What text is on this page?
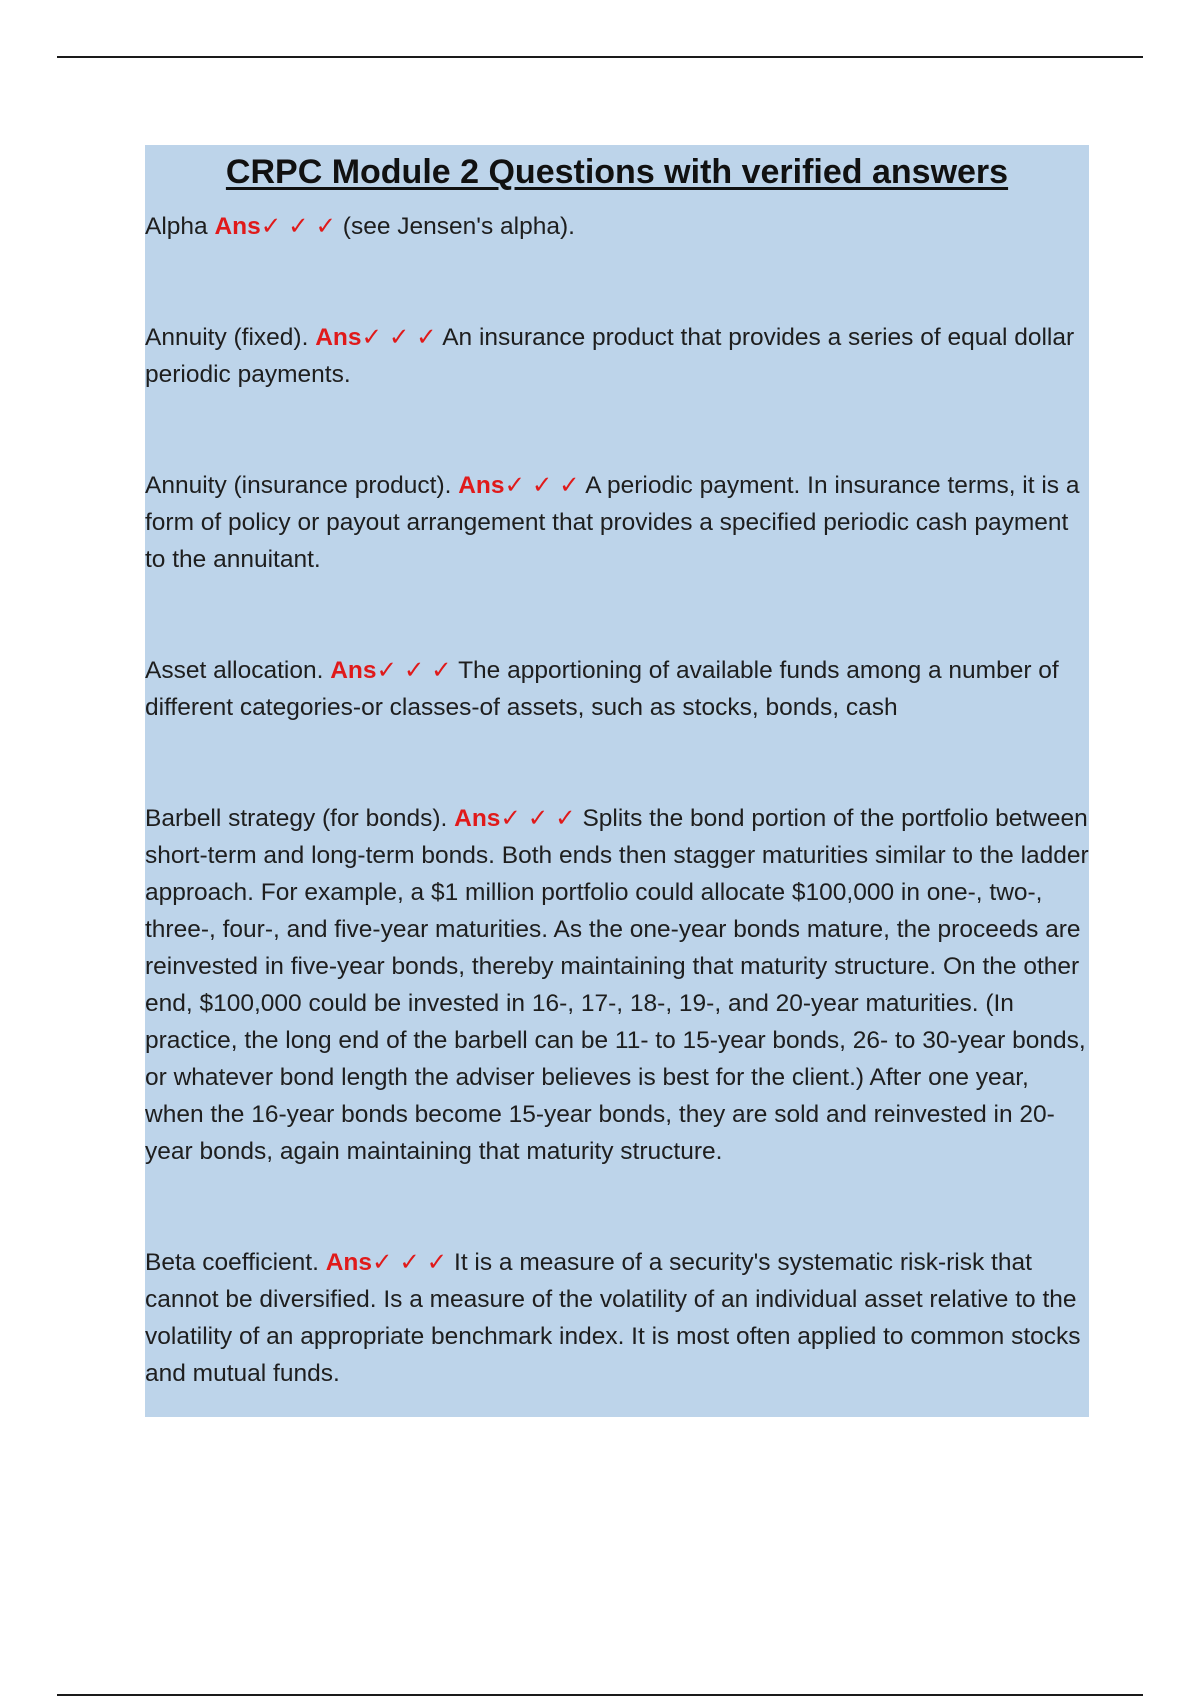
CRPC Module 2 Questions with verified answers

Alpha Ans✓ ✓ ✓ (see Jensen's alpha).

Annuity (fixed). Ans✓ ✓ ✓ An insurance product that provides a series of equal dollar periodic payments.

Annuity (insurance product). Ans✓ ✓ ✓ A periodic payment. In insurance terms, it is a form of policy or payout arrangement that provides a specified periodic cash payment to the annuitant.

Asset allocation. Ans✓ ✓ ✓ The apportioning of available funds among a number of different categories-or classes-of assets, such as stocks, bonds, cash

Barbell strategy (for bonds). Ans✓ ✓ ✓ Splits the bond portion of the portfolio between short-term and long-term bonds. Both ends then stagger maturities similar to the ladder approach. For example, a $1 million portfolio could allocate $100,000 in one-, two-, three-, four-, and five-year maturities. As the one-year bonds mature, the proceeds are reinvested in five-year bonds, thereby maintaining that maturity structure. On the other end, $100,000 could be invested in 16-, 17-, 18-, 19-, and 20-year maturities. (In practice, the long end of the barbell can be 11- to 15-year bonds, 26- to 30-year bonds, or whatever bond length the adviser believes is best for the client.) After one year, when the 16-year bonds become 15-year bonds, they are sold and reinvested in 20-year bonds, again maintaining that maturity structure.

Beta coefficient. Ans✓ ✓ ✓ It is a measure of a security's systematic risk-risk that cannot be diversified. Is a measure of the volatility of an individual asset relative to the volatility of an appropriate benchmark index. It is most often applied to common stocks and mutual funds.
